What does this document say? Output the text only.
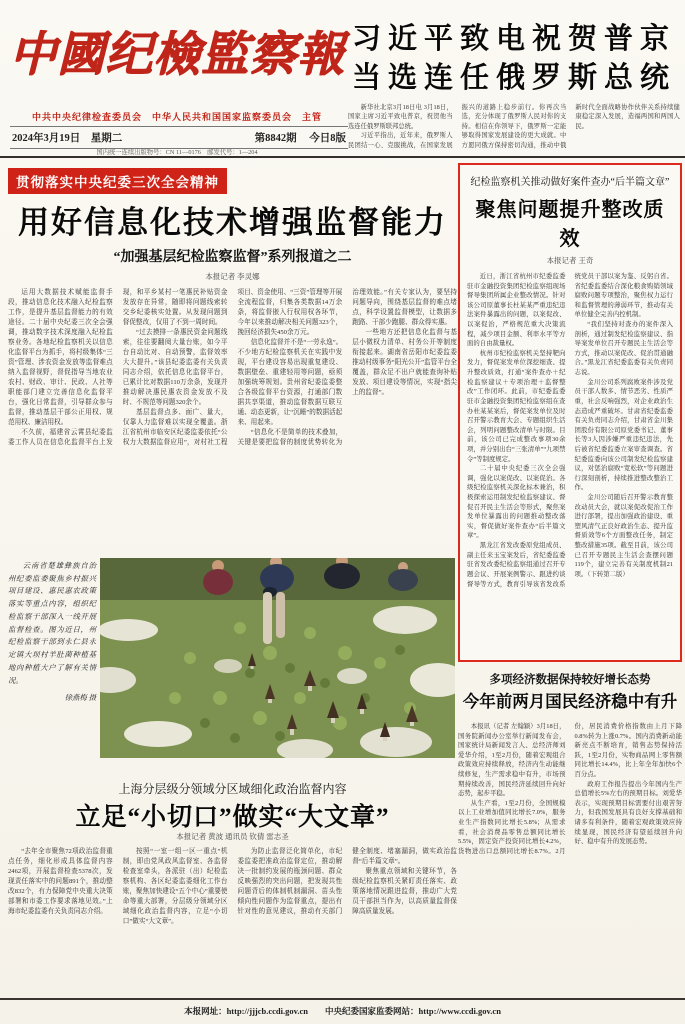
中國纪檢監察報
中共中央纪律检查委员会　中华人民共和国国家监察委员会　主管
2024年3月19日　星期二	第8842期 今日8版
国内统一连续出版物号：CN 11—0176　邮发代号：1—204
习近平致电祝贺普京
当选连任俄罗斯总统

新华社北京3月18日电 3月18日，国家主席习近平致电普京，祝贺他当选连任俄罗斯联邦总统。

习近平指出，近年来，俄罗斯人民团结一心、克服挑战，在国家发展振兴的道路上稳步前行。你再次当选，充分体现了俄罗斯人民对你的支持。相信在你领导下，俄罗斯一定能够取得国家发展建设的更大成就。中方愿同俄方保持密切沟通，推动中俄新时代全面战略协作伙伴关系持续健康稳定深入发展，造福两国和两国人民。

贯彻落实中央纪委三次全会精神
用好信息化技术增强监督能力
“加强基层纪检监察监督”系列报道之二
本报记者 李灵娜

运用大数据技术赋能监督手段，推动信息化技术融入纪检监察工作，是提升基层监督能力的有效途径。二十届中央纪委三次全会强调，推动数字技术深度融入纪检监察业务。各地纪检监察机关以信息化监督平台为抓手，将村级集体“三资”管理、涉农资金发放等监督难点纳入监督视野，督促指导当地农业农村、财政、审计、民政、人社等职能部门建立完善信息化监督平台，强化日常监督，引导群众参与监督，推动基层干部公正用权、规范用权、廉洁用权。

不久前，福建省云霄县纪委监委工作人员在信息化监督平台上发现，和平乡某村一笔惠民补贴资金发放存在异常，随即将问题线索转交乡纪委核实处置。从发现问题到督促整改，仅用了不到一周时间。

“过去摸排一条惠民资金问题线索，往往要翻阅大量台账，如今平台自动比对、自动预警，监督效率大大提升。”该县纪委监委有关负责同志介绍，依托信息化监督平台，已累计比对数据110万余条，发现并推动解决惠民惠农资金发放不及时、不规范等问题320余个。

基层监督点多、面广、量大，仅靠人力监督难以实现全覆盖。浙江省杭州市临安区纪委监委依托“公权力大数据监督应用”，对村社工程项目、资金使用、“三资”管理等开展全流程监督，归集各类数据14万余条，将监督嵌入行权用权各环节，今年以来推动解决相关问题323个，挽回经济损失450余万元。

信息化监督并不是“一劳永逸”。不少地方纪检监察机关在实践中发现，平台建设容易出现重复建设、数据壁垒、重建轻用等问题，亟须加强统筹规划。贵州省纪委监委整合各级监督平台资源，打通部门数据共享渠道，推动监督数据互联互通、动态更新，让“沉睡”的数据活起来、用起来。

“信息化不是简单的技术叠加，关键是要把监督的制度优势转化为治理效能。”有关专家认为，要坚持问题导向，围绕基层监督的难点堵点，科学设置监督模型，让数据多跑路、干部少跑腿、群众得实惠。

一些地方还把信息化监督与基层小微权力清单、村务公开等制度衔接起来。湖南省岳阳市纪委监委推动村级事务“阳光公开”监管平台全覆盖，群众足不出户就能查询补贴发放、项目建设等情况，实现“指尖上的监督”。

云南省楚雄彝族自治州纪委监委聚焦乡村振兴项目建设、惠民惠农政策落实等重点内容，组织纪检监察干部深入一线开展监督检查。图为近日，州纪检监察干部到永仁县永定镇大坝村羊肚菌种植基地向种植大户了解有关情况。
徐燕梅 摄
上海分层级分领域分区域细化政治监督内容
立足“小切口”做实“大文章”
本报记者 黄波 通讯员 钦倩 雷志圣

“去年全市聚焦72项政治监督重点任务，细化形成具体监督内容2462项，开展监督检查5378次，发现责任落实中的问题891个，推动整改832个，有力保障党中央重大决策部署和市委工作要求落地见效。”上海市纪委监委有关负责同志介绍。

按照“一室一组一区一重点”机制，即由党风政风监督室、各监督检查室牵头，各派驻（出）纪检监察机构、各区纪委监委细化工作台账，聚焦加快建设“五个中心”重要使命等重大部署，分层级分领域分区域细化政治监督内容，立足“小切口”做实“大文章”。

为防止监督泛化简单化，市纪委监委把准政治监督定位，推动解决一批制约发展的瓶颈问题、群众反映强烈的突出问题，把发现共性问题背后的体制机制漏洞、苗头性倾向性问题作为监督重点，提出有针对性的意见建议，推动有关部门健全制度、堵塞漏洞，做实政治监督“后半篇文章”。

聚焦重点领域和关键环节，各级纪检监察机关紧盯责任落实、政策落地情况跟进监督，推动广大党员干部担当作为，以高质量监督保障高质量发展。

纪检监察机关推动做好案件查办“后半篇文章”
聚焦问题提升整改质效
本报记者 王奇

近日，浙江省杭州市纪委监委驻市金融投资集团纪检监察组现场督导集团所属企业整改情况。针对该公司原董事长杜某某严重违纪违法案件暴露出的问题，以案促改、以案促治，严格规范重大决策流程，减少项目金额、利率水平等方面的自由裁量权。

杭州市纪检监察机关坚持靶向发力，督促案发单位深挖细查、提升整改质效，打通“案件查办＋纪检监察建议＋专项治理＋监督整改”工作闭环。此前，市纪委监委驻市金融投资集团纪检监察组在查办杜某某案后，督促案发单位及时召开警示教育大会、专题组织生活会，列明问题整改清单与时限。目前，该公司已完成整改事项30余项，并分别出台“三张清单”“九项禁令”等制度规定。

二十届中央纪委三次全会强调，强化以案促改、以案促治。各级纪检监察机关深化标本兼治，积极探索运用制发纪检监察建议、督促召开民主生活会等形式，聚焦案发单位暴露出的问题推动整改落实，督促做好案件查办“后半篇文章”。

黑龙江省发改委原党组成员、副主任来玉宝案发后，省纪委监委驻省发改委纪检监察组通过召开专题会议、开展案例警示、跟进约谈督导等方式，教育引导该省发改系统党员干部以案为鉴、反躬自省。省纪委监委结合深化粮食购销领域腐败问题专项整治，聚焦权力运行和监督管理的薄弱环节，推动有关单位健全完善内控机制。

“我们坚持对查办的案件深入剖析，通过制发纪检监察建议、指导案发单位召开专题民主生活会等方式，推动以案促改、促治贯通融合。”黑龙江省纪委监委有关负责同志说。

金川公司系列腐败案件涉及党员干部人数多、情节恶劣、性质严重，社会反响强烈，对企业政治生态造成严重破坏。甘肃省纪委监委有关负责同志介绍，甘肃省金川集团股份有限公司原党委书记、董事长等3人因涉嫌严重违纪违法，先后被省纪委监委立案审查调查。省纪委监委向该公司制发纪检监察建议，对惩治腐败“宽松软”等问题进行深刻剖析，持续推进整改整治工作。

金川公司随后召开警示教育整改动员大会，就以案促改促治工作进行部署，提出加强政治建设、重塑风清气正良好政治生态、提升监督质效等6个方面整改任务，制定整改措施35项。截至目前，该公司已召开专题民主生活会查摆问题119个，建立完善有关制度机制21项。（下转第二版）

多项经济数据保持较好增长态势
今年前两月国民经济稳中有升

本报讯（记者 左翰颖）3月18日，国务院新闻办公室举行新闻发布会，国家统计局新闻发言人、总经济师刘爱华介绍，1至2月份，随着宏观组合政策效应持续释放，经济内生动能继续修复，生产需求稳中有升，市场预期持续改善，国民经济延续回升向好态势，起步平稳。

从生产看，1至2月份，全国规模以上工业增加值同比增长7.0%，服务业生产指数同比增长5.8%；从需求看，社会消费品零售总额同比增长5.5%，固定资产投资同比增长4.2%，货物进出口总额同比增长8.7%。2月份，居民消费价格指数由上月下降0.8%转为上涨0.7%。国内消费新动能新亮点不断培育，销售态势保持活跃，1至2月份，实物商品网上零售额同比增长14.4%，比上年全年加快6个百分点。

政府工作报告提出今年国内生产总值增长5%左右的预期目标。刘爱华表示，实现预期目标需要付出艰苦努力，但我国发展具有良好支撑基础和诸多有利条件，随着宏观政策效应持续显现，国民经济有望延续回升向好、稳中有升的发展态势。

本报网址：http://jjjcb.ccdi.gov.cn　　中央纪委国家监委网站：http://www.ccdi.gov.cn
